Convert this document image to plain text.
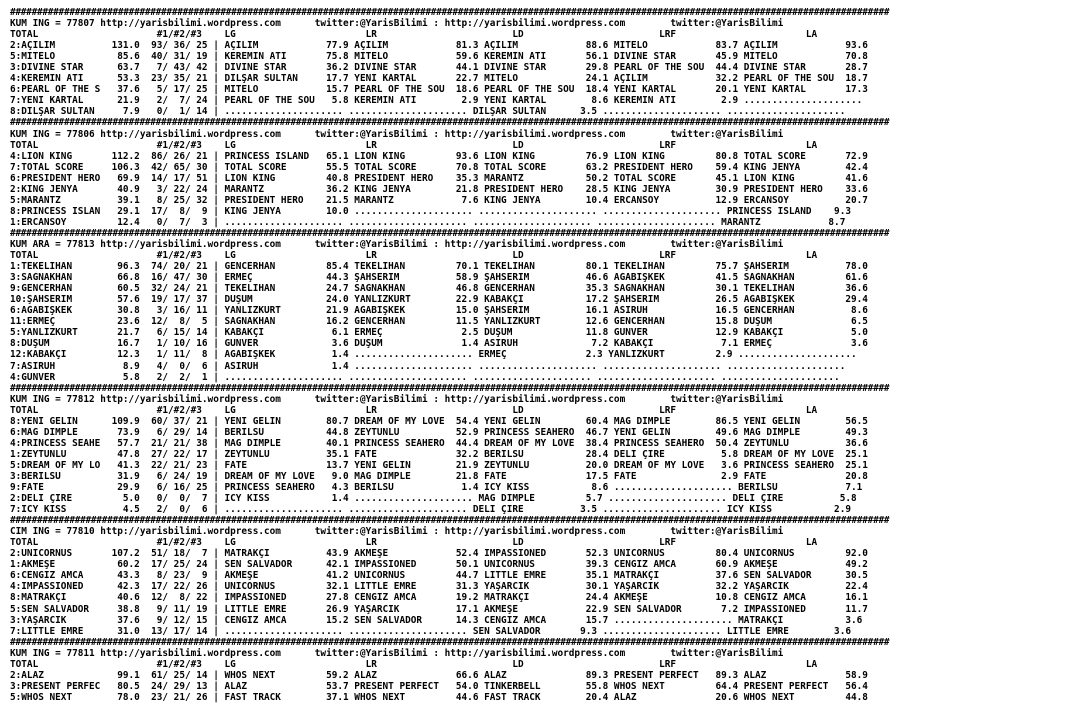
###################################################################################################################################################################
KUM ING = 77807 http://yarisbilimi.wordpress.com      twitter:@YarisBilimi : http://yarisbilimi.wordpress.com        twitter:@YarisBilimi
TOTAL                     #1/#2/#3    LG                       LR                        LD                        LRF                       LA
2:AÇILIM          131.0  93/ 36/ 25 | AÇILIM            77.9 AÇILIM            81.3 AÇILIM            88.6 MİTELO            83.7 AÇILIM            93.6
5:MİTELO           85.6  40/ 31/ 19 | KEREMİN ATI       75.8 MİTELO            59.6 KEREMİN ATI       56.1 DIVINE STAR       45.9 MİTELO            70.8
3:DIVINE STAR      63.7   7/ 43/ 42 | DIVINE STAR       36.2 DIVINE STAR       44.1 DIVINE STAR       29.8 PEARL OF THE SOU  44.4 DIVINE STAR       28.7
4:KEREMİN ATI      53.3  23/ 35/ 21 | DİLŞAR SULTAN     17.7 YENİ KARTAL       22.7 MİTELO            24.1 AÇILIM            32.2 PEARL OF THE SOU  18.7
6:PEARL OF THE S   37.6   5/ 17/ 25 | MİTELO            15.7 PEARL OF THE SOU  18.6 PEARL OF THE SOU  18.4 YENİ KARTAL       20.1 YENİ KARTAL       17.3
7:YENİ KARTAL      21.9   2/  7/ 24 | PEARL OF THE SOU   5.8 KEREMİN ATI        2.9 YENİ KARTAL        8.6 KEREMİN ATI        2.9 .....................
8:DİLŞAR SULTAN     7.9   0/  1/ 14 | ..................... ..................... DİLŞAR SULTAN      3.5 ..................... .....................
###################################################################################################################################################################
KUM ING = 77806 http://yarisbilimi.wordpress.com      twitter:@YarisBilimi : http://yarisbilimi.wordpress.com        twitter:@YarisBilimi
TOTAL                     #1/#2/#3    LG                       LR                        LD                        LRF                       LA
4:LION KING       112.2  86/ 26/ 21 | PRINCESS ISLAND   65.1 LION KING         93.6 LION KING         76.9 LION KING         80.8 TOTAL SCORE       72.9
7:TOTAL SCORE     106.3  42/ 65/ 30 | TOTAL SCORE       55.5 TOTAL SCORE       70.8 TOTAL SCORE       63.2 PRESIDENT HERO    59.4 KING JENYA        42.4
6:PRESIDENT HERO   69.9  14/ 17/ 51 | LION KING         40.8 PRESIDENT HERO    35.3 MARANTZ           50.2 TOTAL SCORE       45.1 LION KING         41.6
2:KING JENYA       40.9   3/ 22/ 24 | MARANTZ           36.2 KING JENYA        21.8 PRESIDENT HERO    28.5 KING JENYA        30.9 PRESIDENT HERO    33.6
5:MARANTZ          39.1   8/ 25/ 32 | PRESIDENT HERO    21.5 MARANTZ            7.6 KING JENYA        10.4 ERCANSOY          12.9 ERCANSOY          20.7
8:PRINCESS ISLAN   29.1  17/  8/  9 | KING JENYA        10.0 ..................... ..................... ..................... PRINCESS ISLAND    9.3
1:ERCANSOY         12.4   0/  7/  3 | ..................... ..................... ..................... ..................... MARANTZ            8.7
###################################################################################################################################################################
KUM ARA = 77813 http://yarisbilimi.wordpress.com      twitter:@YarisBilimi : http://yarisbilimi.wordpress.com        twitter:@YarisBilimi
TOTAL                     #1/#2/#3    LG                       LR                        LD                        LRF                       LA
1:TEKELİHAN        96.3  74/ 20/ 21 | GENCERHAN         85.4 TEKELİHAN         70.1 TEKELİHAN         80.1 TEKELİHAN         75.7 ŞAHSERİM          78.0
3:SAĞNAKHAN        66.8  16/ 47/ 30 | ERMEÇ             44.3 ŞAHSERİM          58.9 ŞAHSERİM          46.6 AĞABİŞKEK         41.5 SAĞNAKHAN         61.6
9:GENCERHAN        60.5  32/ 24/ 21 | TEKELİHAN         24.7 SAĞNAKHAN         46.8 GENCERHAN         35.3 SAĞNAKHAN         30.1 TEKELİHAN         36.6
10:ŞAHSERİM        57.6  19/ 17/ 37 | DÜŞÜM             24.0 YANLIZKURT        22.9 KABAKÇI           17.2 ŞAHSERİM          26.5 AĞABİŞKEK         29.4
6:AĞABİŞKEK        30.8   3/ 16/ 11 | YANLIZKURT        21.9 AĞABİŞKEK         15.0 ŞAHSERİM          16.1 ASIRUH            16.5 GENCERHAN          8.6
11:ERMEÇ           23.6  12/  8/  5 | SAĞNAKHAN         16.2 GENCERHAN         11.5 YANLIZKURT        12.6 GENCERHAN         15.8 DÜŞÜM              6.5
5:YANLIZKURT       21.7   6/ 15/ 14 | KABAKÇI            6.1 ERMEÇ              2.5 DÜŞÜM             11.8 GÜNVER            12.9 KABAKÇI            5.0
8:DÜŞÜM            16.7   1/ 10/ 16 | GÜNVER             3.6 DÜŞÜM              1.4 ASIRUH             7.2 KABAKÇI            7.1 ERMEÇ              3.6
12:KABAKÇI         12.3   1/ 11/  8 | AĞABİŞKEK          1.4 ..................... ERMEÇ              2.3 YANLIZKURT         2.9 .....................
7:ASIRUH            8.9   4/  0/  6 | ASIRUH             1.4 ..................... ..................... ..................... .....................
4:GÜNVER            5.8   2/  2/  1 | ..................... ..................... ..................... ..................... .....................
###################################################################################################################################################################
KUM ING = 77812 http://yarisbilimi.wordpress.com      twitter:@YarisBilimi : http://yarisbilimi.wordpress.com        twitter:@YarisBilimi
TOTAL                     #1/#2/#3    LG                       LR                        LD                        LRF                       LA
8:YENİ GELİN      109.9  60/ 37/ 21 | YENİ GELİN        80.7 DREAM OF MY LOVE  54.4 YENİ GELİN        60.4 MAG DIMPLE        86.5 YENİ GELİN        56.5
6:MAG DIMPLE       73.9   6/ 29/ 14 | BERİLSU           44.8 ZEYTUNLU          52.9 PRINCESS SEAHERO  46.7 YENİ GELİN        49.6 MAG DIMPLE        49.3
4:PRINCESS SEAHE   57.7  21/ 21/ 38 | MAG DIMPLE        40.1 PRINCESS SEAHERO  44.4 DREAM OF MY LOVE  38.4 PRINCESS SEAHERO  50.4 ZEYTUNLU          36.6
1:ZEYTUNLU         47.8  27/ 22/ 17 | ZEYTUNLU          35.1 FATE              32.2 BERİLSU           28.4 DELİ ÇİRE          5.8 DREAM OF MY LOVE  25.1
5:DREAM OF MY LO   41.3  22/ 21/ 23 | FATE              13.7 YENİ GELİN        21.9 ZEYTUNLU          20.0 DREAM OF MY LOVE   3.6 PRINCESS SEAHERO  25.1
3:BERİLSU          31.9   6/ 24/ 19 | DREAM OF MY LOVE   9.0 MAG DIMPLE        21.8 FATE              17.5 FATE               2.9 FATE              20.8
9:FATE             29.9   6/ 16/ 25 | PRINCESS SEAHERO   4.3 BERİLSU            1.4 ICY KISS           8.6 ..................... BERİLSU            7.1
2:DELİ ÇİRE         5.0   0/  0/  7 | ICY KISS           1.4 ..................... MAG DIMPLE         5.7 ..................... DELİ ÇİRE          5.8
7:ICY KISS          4.5   2/  0/  6 | ..................... ..................... DELİ ÇİRE          3.5 ..................... ICY KISS           2.9
###################################################################################################################################################################
CIM ING = 77810 http://yarisbilimi.wordpress.com      twitter:@YarisBilimi : http://yarisbilimi.wordpress.com        twitter:@YarisBilimi
TOTAL                     #1/#2/#3    LG                       LR                        LD                        LRF                       LA
2:UNICORNUS       107.2  51/ 18/  7 | MATRAKÇI          43.9 AKMEŞE            52.4 IMPASSIONED       52.3 UNICORNUS         80.4 UNICORNUS         92.0
1:AKMEŞE           60.2  17/ 25/ 24 | SEN SALVADOR      42.1 IMPASSIONED       50.1 UNICORNUS         39.3 CENGİZ AMCA       60.9 AKMEŞE            49.2
6:CENGİZ AMCA      43.3   8/ 23/  9 | AKMEŞE            41.2 UNICORNUS         44.7 LITTLE EMRE       35.1 MATRAKÇI          37.6 SEN SALVADOR      30.5
4:IMPASSIONED      42.3  17/ 22/ 26 | UNICORNUS         32.1 LITTLE EMRE       31.3 YAŞARCIK          30.1 YAŞARCIK          32.2 YAŞARCIK          22.4
8:MATRAKÇI         40.6  12/  8/ 22 | IMPASSIONED       27.8 CENGİZ AMCA       19.2 MATRAKÇI          24.4 AKMEŞE            10.8 CENGİZ AMCA       16.1
5:SEN SALVADOR     38.8   9/ 11/ 19 | LITTLE EMRE       26.9 YAŞARCIK          17.1 AKMEŞE            22.9 SEN SALVADOR       7.2 IMPASSIONED       11.7
3:YAŞARCIK         37.6   9/ 12/ 15 | CENGİZ AMCA       15.2 SEN SALVADOR      14.3 CENGİZ AMCA       15.7 ..................... MATRAKÇI           3.6
7:LITTLE EMRE      31.0  13/ 17/ 14 | ..................... ..................... SEN SALVADOR       9.3 ..................... LITTLE EMRE        3.6
###################################################################################################################################################################
KUM ING = 77811 http://yarisbilimi.wordpress.com      twitter:@YarisBilimi : http://yarisbilimi.wordpress.com        twitter:@YarisBilimi
TOTAL                     #1/#2/#3    LG                       LR                        LD                        LRF                       LA
2:ALAZ             99.1  61/ 25/ 14 | WHOS NEXT         59.2 ALAZ              66.6 ALAZ              89.3 PRESENT PERFECT   89.3 ALAZ              58.9
3:PRESENT PERFEC   80.5  24/ 29/ 13 | ALAZ              53.7 PRESENT PERFECT   54.0 TINKERBELL        55.8 WHOS NEXT         64.4 PRESENT PERFECT   56.4
5:WHOS NEXT        78.0  23/ 21/ 26 | FAST TRACK        37.1 WHOS NEXT         44.6 FAST TRACK        20.4 ALAZ              20.6 WHOS NEXT         44.8
